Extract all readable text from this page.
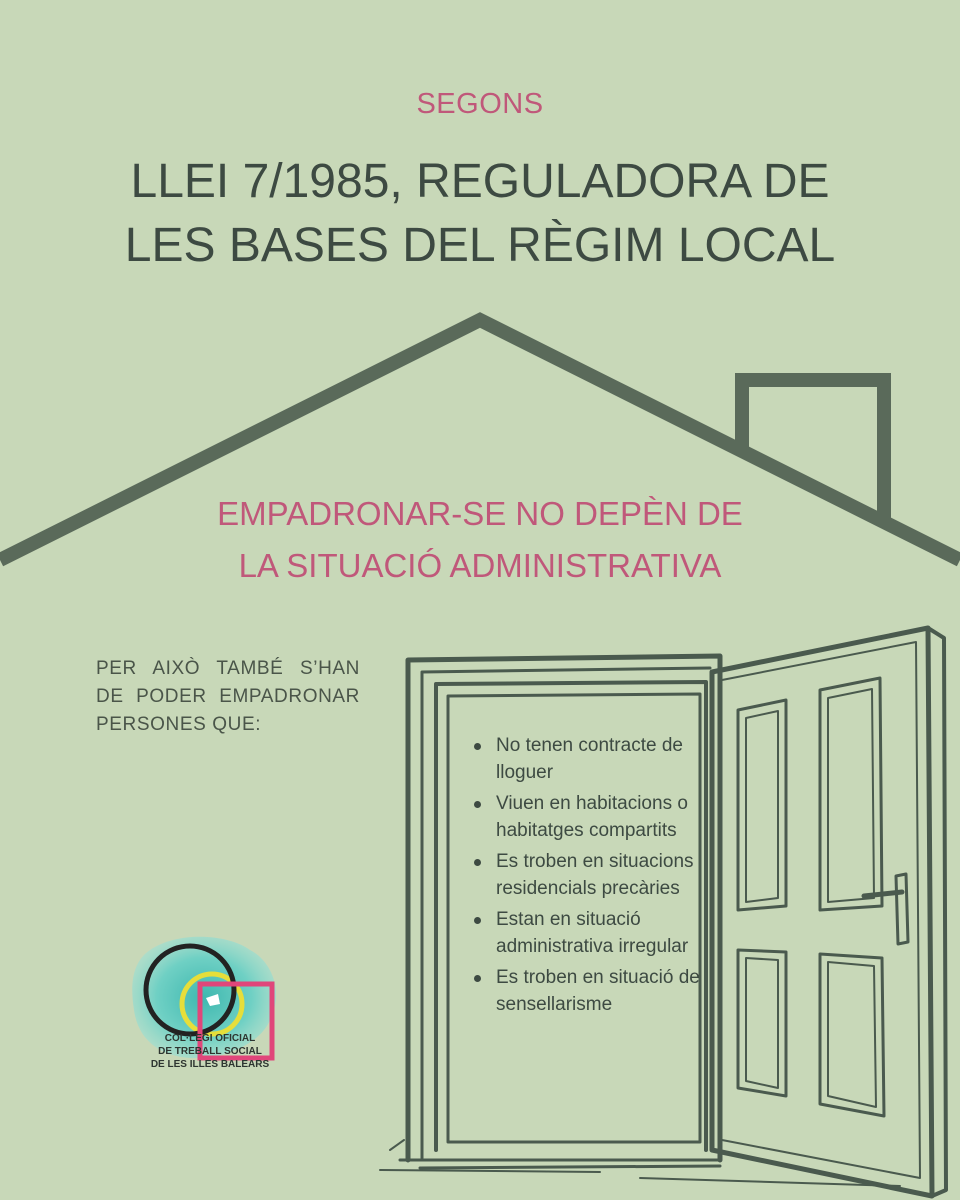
SEGONS
LLEI 7/1985, REGULADORA DE
LES BASES DEL RÈGIM LOCAL
EMPADRONAR-SE NO DEPÈN DE
LA SITUACIÓ ADMINISTRATIVA
PER AIXÒ TAMBÉ S’HAN
DE PODER EMPADRONAR
PERSONES QUE:
No tenen contracte de lloguer
Viuen en habitacions o habitatges compartits
Es troben en situacions residencials precàries
Estan en situació administrativa irregular
Es troben en situació de sensellarisme
COL·LEGI OFICIAL
DE TREBALL SOCIAL
DE LES ILLES BALEARS
